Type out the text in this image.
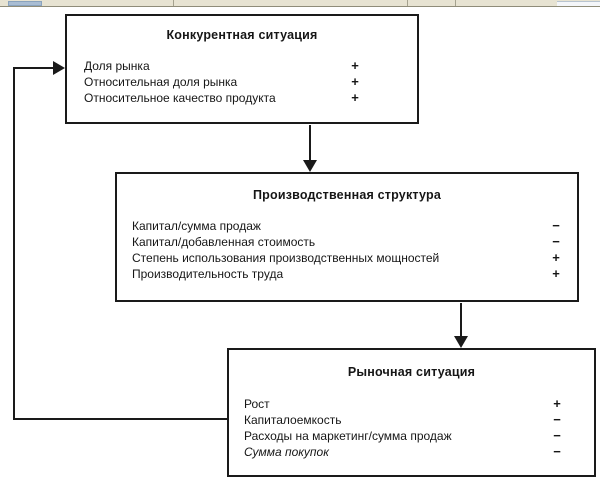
Конкурентная ситуация
Доля рынка	+
Относительная доля рынка	+
Относительное качество продукта	+
Производственная структура
Капитал/сумма продаж	−
Капитал/добавленная стоимость	−
Степень использования производственных мощностей	+
Производительность труда	+
Рыночная ситуация
Рост	+
Капиталоемкость	−
Расходы на маркетинг/сумма продаж	−
Сумма покупок	−
